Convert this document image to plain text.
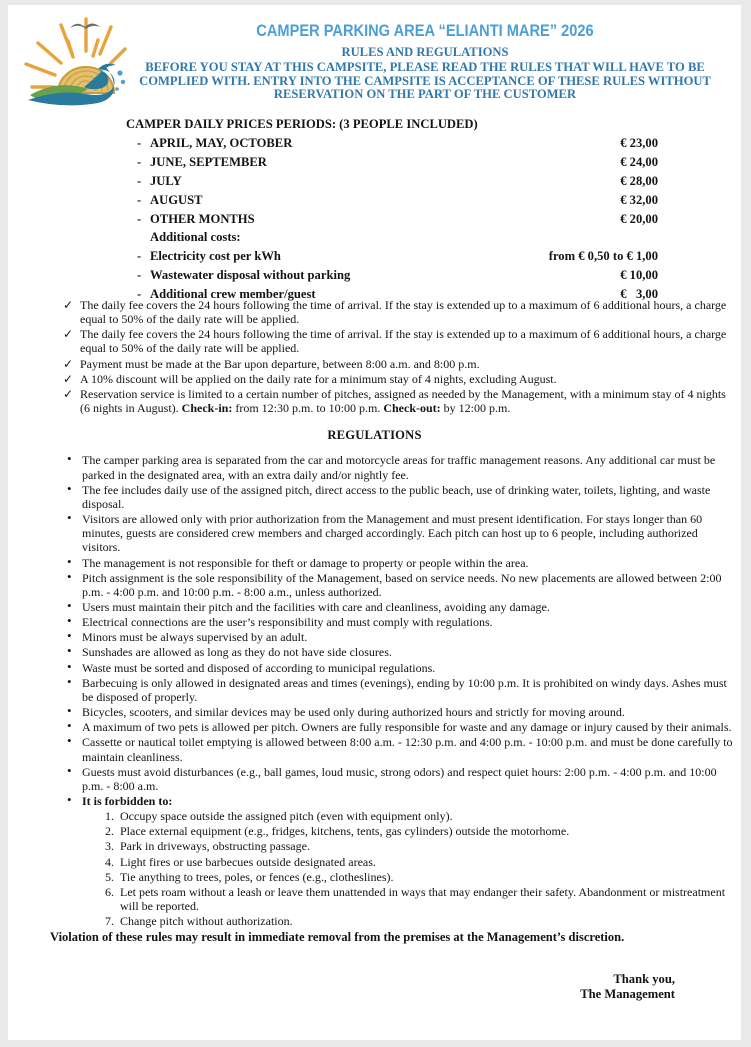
CAMPER PARKING AREA “ELIANTI MARE” 2026
RULES AND REGULATIONS

BEFORE YOU STAY AT THIS CAMPSITE, PLEASE READ THE RULES THAT WILL HAVE TO BE COMPLIED WITH. ENTRY INTO THE CAMPSITE IS ACCEPTANCE OF THESE RULES WITHOUT RESERVATION ON THE PART OF THE CUSTOMER

CAMPER DAILY PRICES PERIODS: (3 PEOPLE INCLUDED)
- APRIL, MAY, OCTOBER	€ 23,00
- JUNE, SEPTEMBER	€ 24,00
- JULY	€ 28,00
- AUGUST	€ 32,00
- OTHER MONTHS	€ 20,00
Additional costs:
- Electricity cost per kWh	from € 0,50 to € 1,00
- Wastewater disposal without parking	€ 10,00
- Additional crew member/guest	€   3,00
✓ The daily fee covers the 24 hours following the time of arrival. If the stay is extended up to a maximum of 6 additional hours, a charge equal to 50% of the daily rate will be applied.
✓ The daily fee covers the 24 hours following the time of arrival. If the stay is extended up to a maximum of 6 additional hours, a charge equal to 50% of the daily rate will be applied.
✓ Payment must be made at the Bar upon departure, between 8:00 a.m. and 8:00 p.m.
✓ A 10% discount will be applied on the daily rate for a minimum stay of 4 nights, excluding August.
✓ Reservation service is limited to a certain number of pitches, assigned as needed by the Management, with a minimum stay of 4 nights (6 nights in August). Check-in: from 12:30 p.m. to 10:00 p.m. Check-out: by 12:00 p.m.
REGULATIONS
• The camper parking area is separated from the car and motorcycle areas for traffic management reasons. Any additional car must be parked in the designated area, with an extra daily and/or nightly fee.
• The fee includes daily use of the assigned pitch, direct access to the public beach, use of drinking water, toilets, lighting, and waste disposal.
• Visitors are allowed only with prior authorization from the Management and must present identification. For stays longer than 60 minutes, guests are considered crew members and charged accordingly. Each pitch can host up to 6 people, including authorized visitors.
• The management is not responsible for theft or damage to property or people within the area.
• Pitch assignment is the sole responsibility of the Management, based on service needs. No new placements are allowed between 2:00 p.m. - 4:00 p.m. and 10:00 p.m. - 8:00 a.m., unless authorized.
• Users must maintain their pitch and the facilities with care and cleanliness, avoiding any damage.
• Electrical connections are the user’s responsibility and must comply with regulations.
• Minors must be always supervised by an adult.
• Sunshades are allowed as long as they do not have side closures.
• Waste must be sorted and disposed of according to municipal regulations.
• Barbecuing is only allowed in designated areas and times (evenings), ending by 10:00 p.m. It is prohibited on windy days. Ashes must be disposed of properly.
• Bicycles, scooters, and similar devices may be used only during authorized hours and strictly for moving around.
• A maximum of two pets is allowed per pitch. Owners are fully responsible for waste and any damage or injury caused by their animals.
• Cassette or nautical toilet emptying is allowed between 8:00 a.m. - 12:30 p.m. and 4:00 p.m. - 10:00 p.m. and must be done carefully to maintain cleanliness.
• Guests must avoid disturbances (e.g., ball games, loud music, strong odors) and respect quiet hours: 2:00 p.m. - 4:00 p.m. and 10:00 p.m. - 8:00 a.m.
• It is forbidden to:
1. Occupy space outside the assigned pitch (even with equipment only).
2. Place external equipment (e.g., fridges, kitchens, tents, gas cylinders) outside the motorhome.
3. Park in driveways, obstructing passage.
4. Light fires or use barbecues outside designated areas.
5. Tie anything to trees, poles, or fences (e.g., clotheslines).
6. Let pets roam without a leash or leave them unattended in ways that may endanger their safety. Abandonment or mistreatment will be reported.
7. Change pitch without authorization.

Violation of these rules may result in immediate removal from the premises at the Management’s discretion.

Thank you,
The Management
